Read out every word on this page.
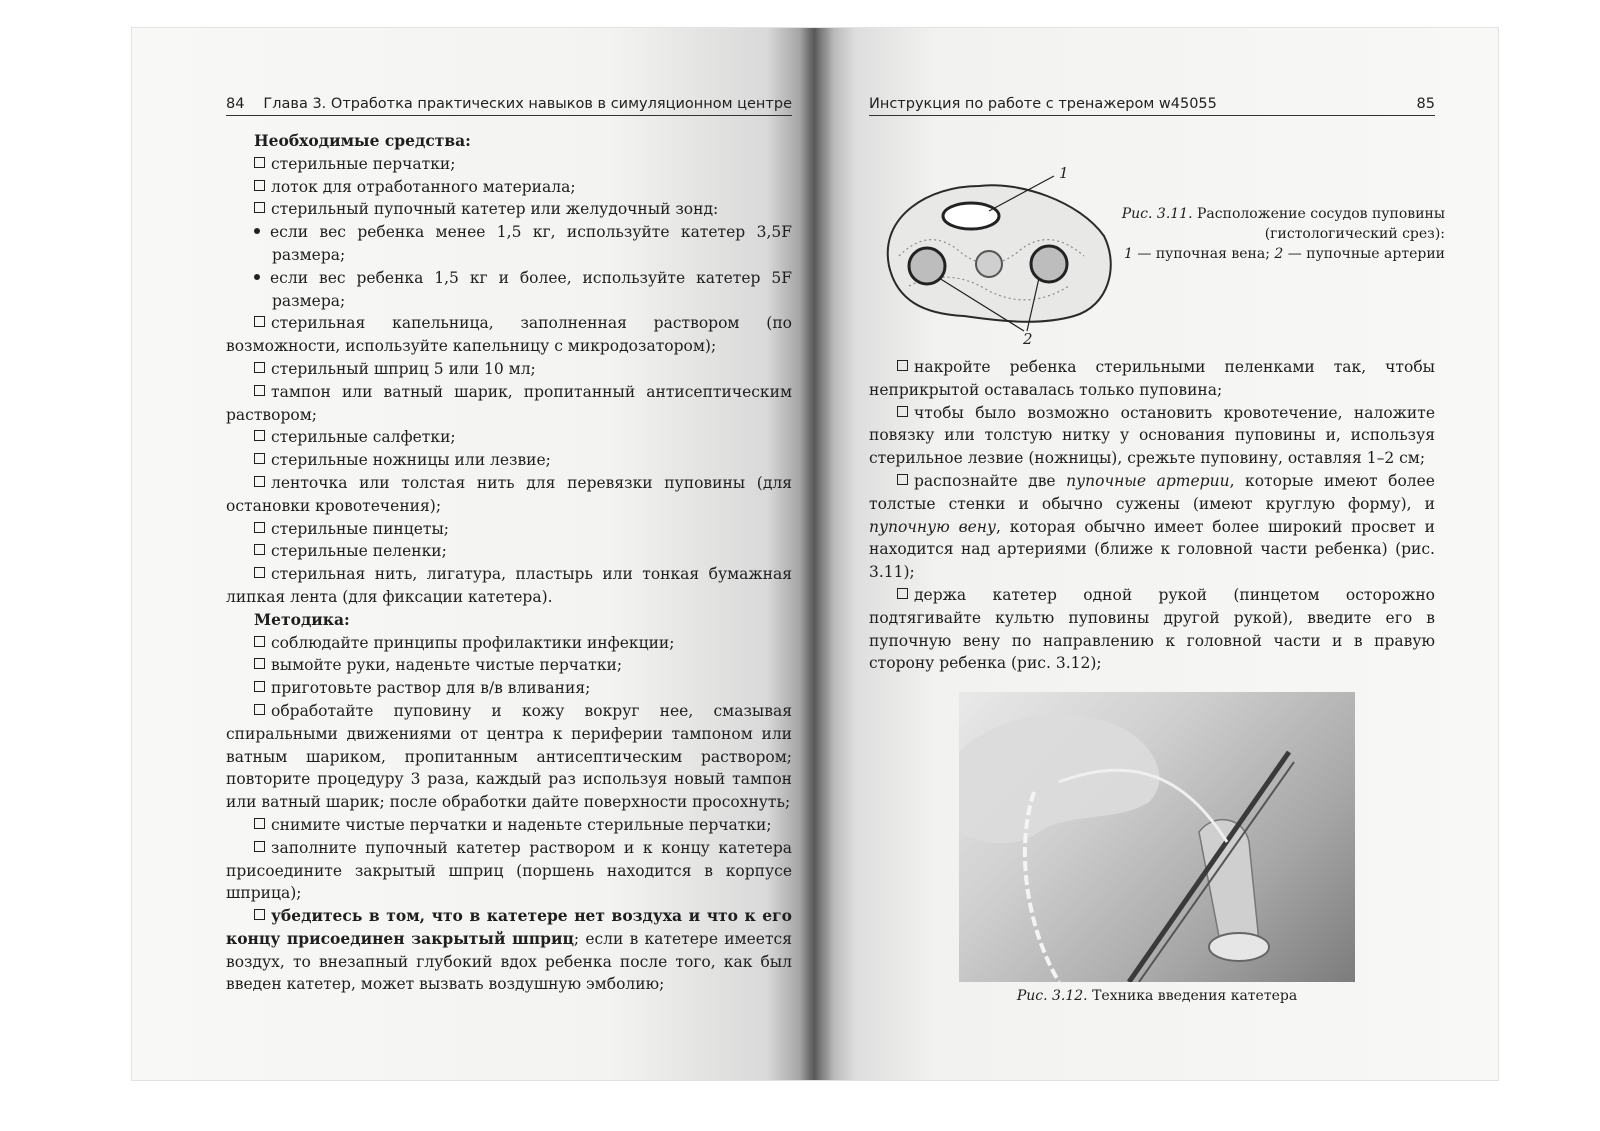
84 Глава 3. Отработка практических навыков в симуляционном центре

Необходимые средства:

стерильные перчатки;

лоток для отработанного материала;

стерильный пупочный катетер или желудочный зонд:

если вес ребенка менее 1,5 кг, используйте катетер 3,5F размера;

если вес ребенка 1,5 кг и более, используйте катетер 5F размера;

стерильная капельница, заполненная раствором (по возможности, используйте капельницу с микродозатором);

стерильный шприц 5 или 10 мл;

тампон или ватный шарик, пропитанный антисептическим раствором;

стерильные салфетки;

стерильные ножницы или лезвие;

ленточка или толстая нить для перевязки пуповины (для остановки кровотечения);

стерильные пинцеты;

стерильные пеленки;

стерильная нить, лигатура, пластырь или тонкая бумажная липкая лента (для фиксации катетера).

Методика:

соблюдайте принципы профилактики инфекции;

вымойте руки, наденьте чистые перчатки;

приготовьте раствор для в/в вливания;

обработайте пуповину и кожу вокруг нее, смазывая спиральными движениями от центра к периферии тампоном или ватным шариком, пропитанным антисептическим раствором; повторите процедуру 3 раза, каждый раз используя новый тампон или ватный шарик; после обработки дайте поверхности просохнуть;

снимите чистые перчатки и наденьте стерильные перчатки;

заполните пупочный катетер раствором и к концу катетера присоедините закрытый шприц (поршень находится в корпусе шприца);

убедитесь в том, что в катетере нет воздуха и что к его концу присоединен закрытый шприц; если в катетере имеется воздух, то внезапный глубокий вдох ребенка после того, как был введен катетер, может вызвать воздушную эмболию;

Инструкция по работе с тренажером w45055	85
1
2
Рис. 3.11. Расположение сосудов пуповины (гистологический срез):
1 — пупочная вена; 2 — пупочные артерии

накройте ребенка стерильными пеленками так, чтобы неприкрытой оставалась только пуповина;

чтобы было возможно остановить кровотечение, наложите повязку или толстую нитку у основания пуповины и, используя стерильное лезвие (ножницы), срежьте пуповину, оставляя 1–2 см;

распознайте две пупочные артерии, которые имеют более толстые стенки и обычно сужены (имеют круглую форму), и пупочную вену, которая обычно имеет более широкий просвет и находится над артериями (ближе к головной части ребенка) (рис. 3.11);

держа катетер одной рукой (пинцетом осторожно подтягивайте культю пуповины другой рукой), введите его в пупочную вену по направлению к головной части и в правую сторону ребенка (рис. 3.12);

Рис. 3.12. Техника введения катетера
